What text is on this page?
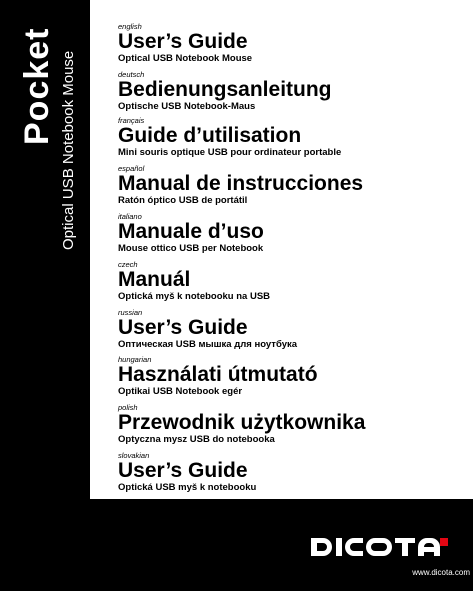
Pocket Optical USB Notebook Mouse
english
User’s Guide
Optical USB Notebook Mouse
deutsch
Bedienungsanleitung
Optische USB Notebook-Maus
français
Guide d’utilisation
Mini souris optique USB pour ordinateur portable
español
Manual de instrucciones
Ratón óptico USB de portátil
italiano
Manuale d’uso
Mouse ottico USB per Notebook
czech
Manuál
Optická myš k notebooku na USB
russian
User’s Guide
Оптическая USB мышка для ноутбука
hungarian
Használati útmutató
Optikai USB Notebook egér
polish
Przewodnik użytkownika
Optyczna mysz USB do notebooka
slovakian
User’s Guide
Optická USB myš k notebooku
DICOTA
www.dicota.com
